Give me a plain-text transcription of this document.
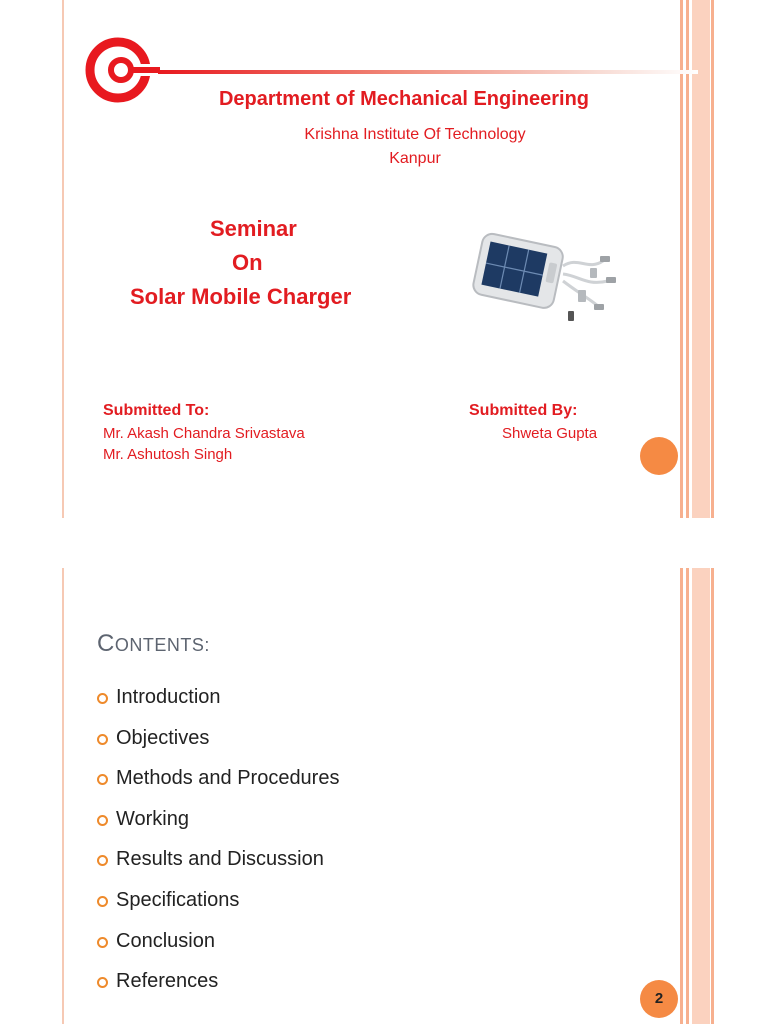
Department of Mechanical Engineering
Krishna Institute Of Technology
Kanpur
Seminar
On
Solar Mobile Charger
Submitted To:
Mr. Akash Chandra Srivastava
Mr. Ashutosh Singh
Submitted By:
Shweta Gupta
CONTENTS:
Introduction
Objectives
Methods and Procedures
Working
Results and Discussion
Specifications
Conclusion
References
2
